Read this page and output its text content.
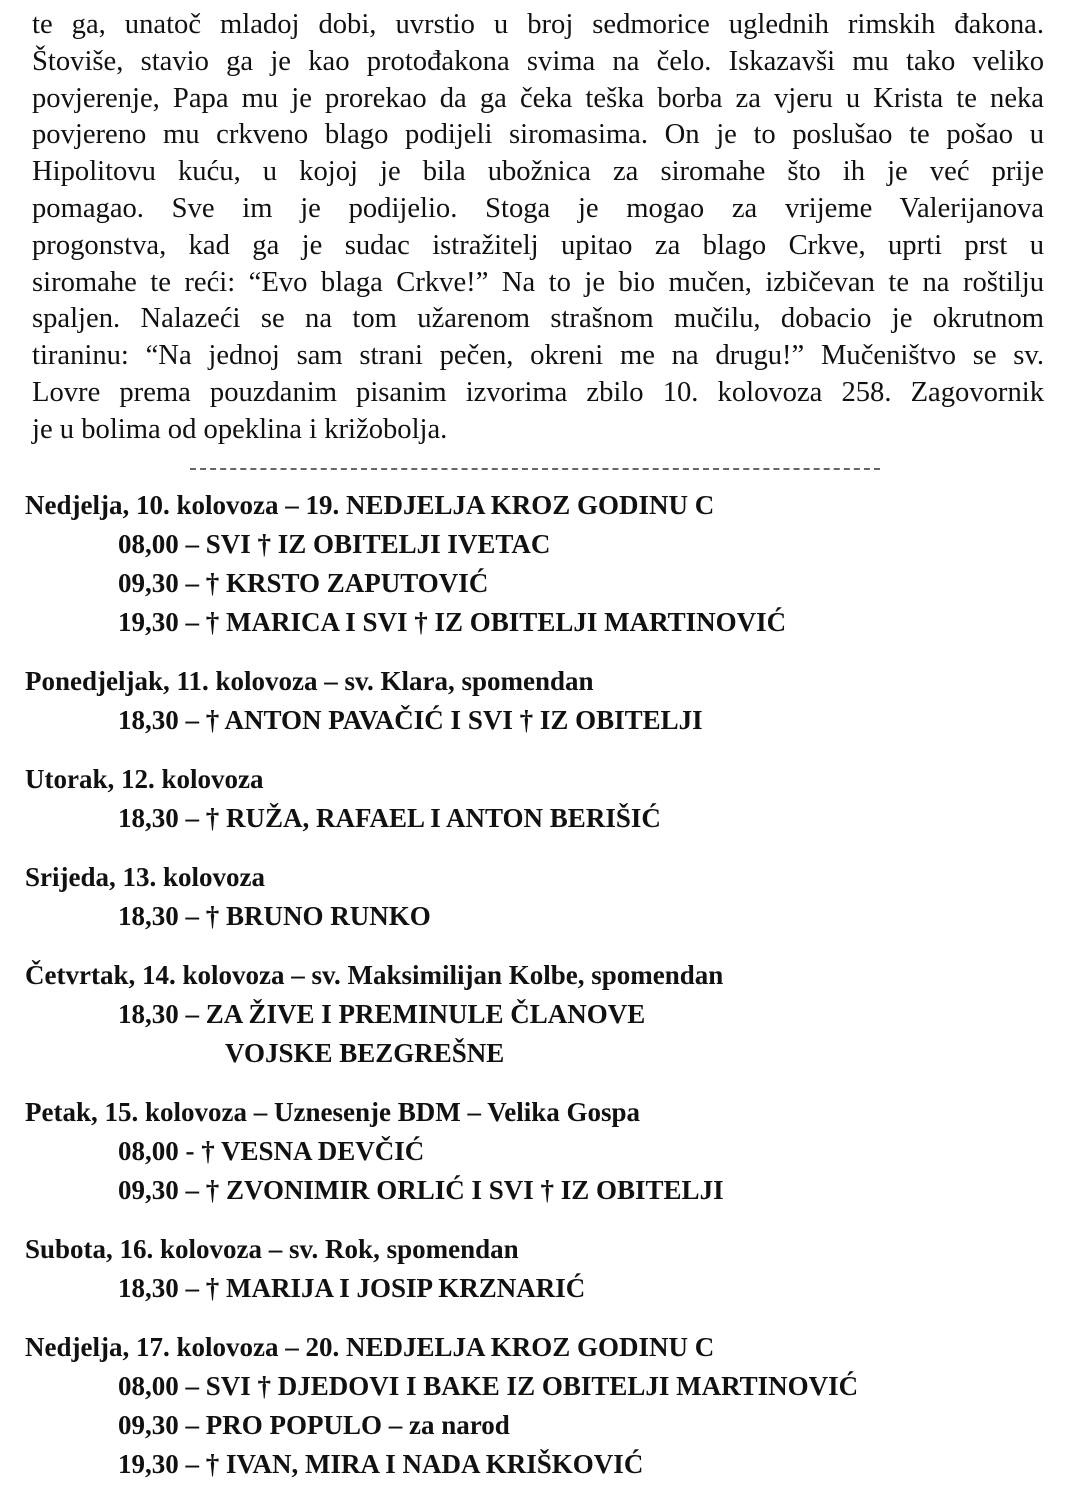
te ga, unatoč mladoj dobi, uvrstio u broj sedmorice uglednih rimskih đakona.
Štoviše, stavio ga je kao protođakona svima na čelo. Iskazavši mu tako veliko
povjerenje, Papa mu je prorekao da ga čeka teška borba za vjeru u Krista te neka
povjereno mu crkveno blago podijeli siromasima. On je to poslušao te pošao u
Hipolitovu kuću, u kojoj je bila ubožnica za siromahe što ih je već prije
pomagao. Sve im je podijelio. Stoga je mogao za vrijeme Valerijanova
progonstva, kad ga je sudac istražitelj upitao za blago Crkve, uprti prst u
siromahe te reći: “Evo blaga Crkve!” Na to je bio mučen, izbičevan te na roštilju
spaljen. Nalazeći se na tom užarenom strašnom mučilu, dobacio je okrutnom
tiraninu: “Na jednoj sam strani pečen, okreni me na drugu!” Mučeništvo se sv.
Lovre prema pouzdanim pisanim izvorima zbilo 10. kolovoza 258. Zagovornik
je u bolima od opeklina i križobolja.
Nedjelja, 10. kolovoza – 19. NEDJELJA KROZ GODINU C
08,00 – SVI † IZ OBITELJI IVETAC
09,30 – † KRSTO ZAPUTOVIĆ
19,30 – † MARICA I SVI † IZ OBITELJI MARTINOVIĆ
Ponedjeljak, 11. kolovoza – sv. Klara, spomendan
18,30 – † ANTON PAVAČIĆ I SVI † IZ OBITELJI
Utorak, 12. kolovoza
18,30 – † RUŽA, RAFAEL I ANTON BERIŠIĆ
Srijeda, 13. kolovoza
18,30 – † BRUNO RUNKO
Četvrtak, 14. kolovoza – sv. Maksimilijan Kolbe, spomendan
18,30 – ZA ŽIVE I PREMINULE ČLANOVE
VOJSKE BEZGREŠNE
Petak, 15. kolovoza – Uznesenje BDM – Velika Gospa
08,00 - † VESNA DEVČIĆ
09,30 – † ZVONIMIR ORLIĆ I SVI † IZ OBITELJI
Subota, 16. kolovoza – sv. Rok, spomendan
18,30 – † MARIJA I JOSIP KRZNARIĆ
Nedjelja, 17. kolovoza – 20. NEDJELJA KROZ GODINU C
08,00 – SVI † DJEDOVI I BAKE IZ OBITELJI MARTINOVIĆ
09,30 – PRO POPULO – za narod
19,30 – † IVAN, MIRA I NADA KRIŠKOVIĆ
